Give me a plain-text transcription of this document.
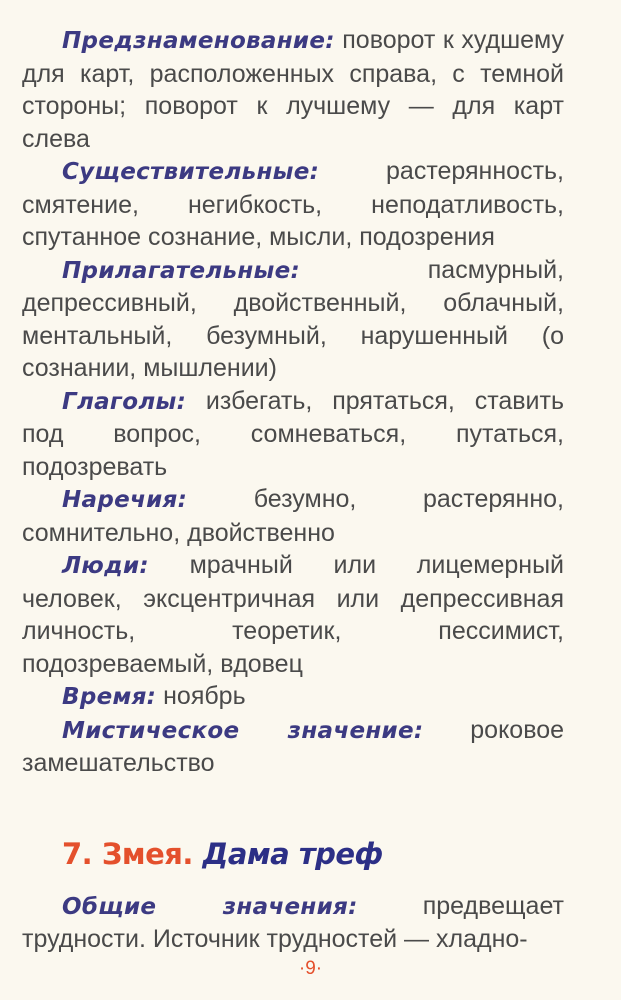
Предзнаменование: поворот к худшему для карт, расположенных справа, с темной стороны; поворот к лучшему — для карт слева

Существительные: растерянность, смятение, негибкость, неподатливость, спутанное сознание, мысли, подозрения

Прилагательные: пасмурный, депрессивный, двойственный, облачный, ментальный, безумный, нарушенный (о сознании, мышлении)

Глаголы: избегать, прятаться, ставить под вопрос, сомневаться, путаться, подозревать

Наречия: безумно, растерянно, сомнительно, двойственно

Люди: мрачный или лицемерный человек, эксцентричная или депрессивная личность, теоретик, пессимист, подозреваемый, вдовец

Время: ноябрь

Мистическое значение: роковое замешательство

7. Змея. Дама треф

Общие значения: предвещает трудности. Источник трудностей — хладно-

·9·
